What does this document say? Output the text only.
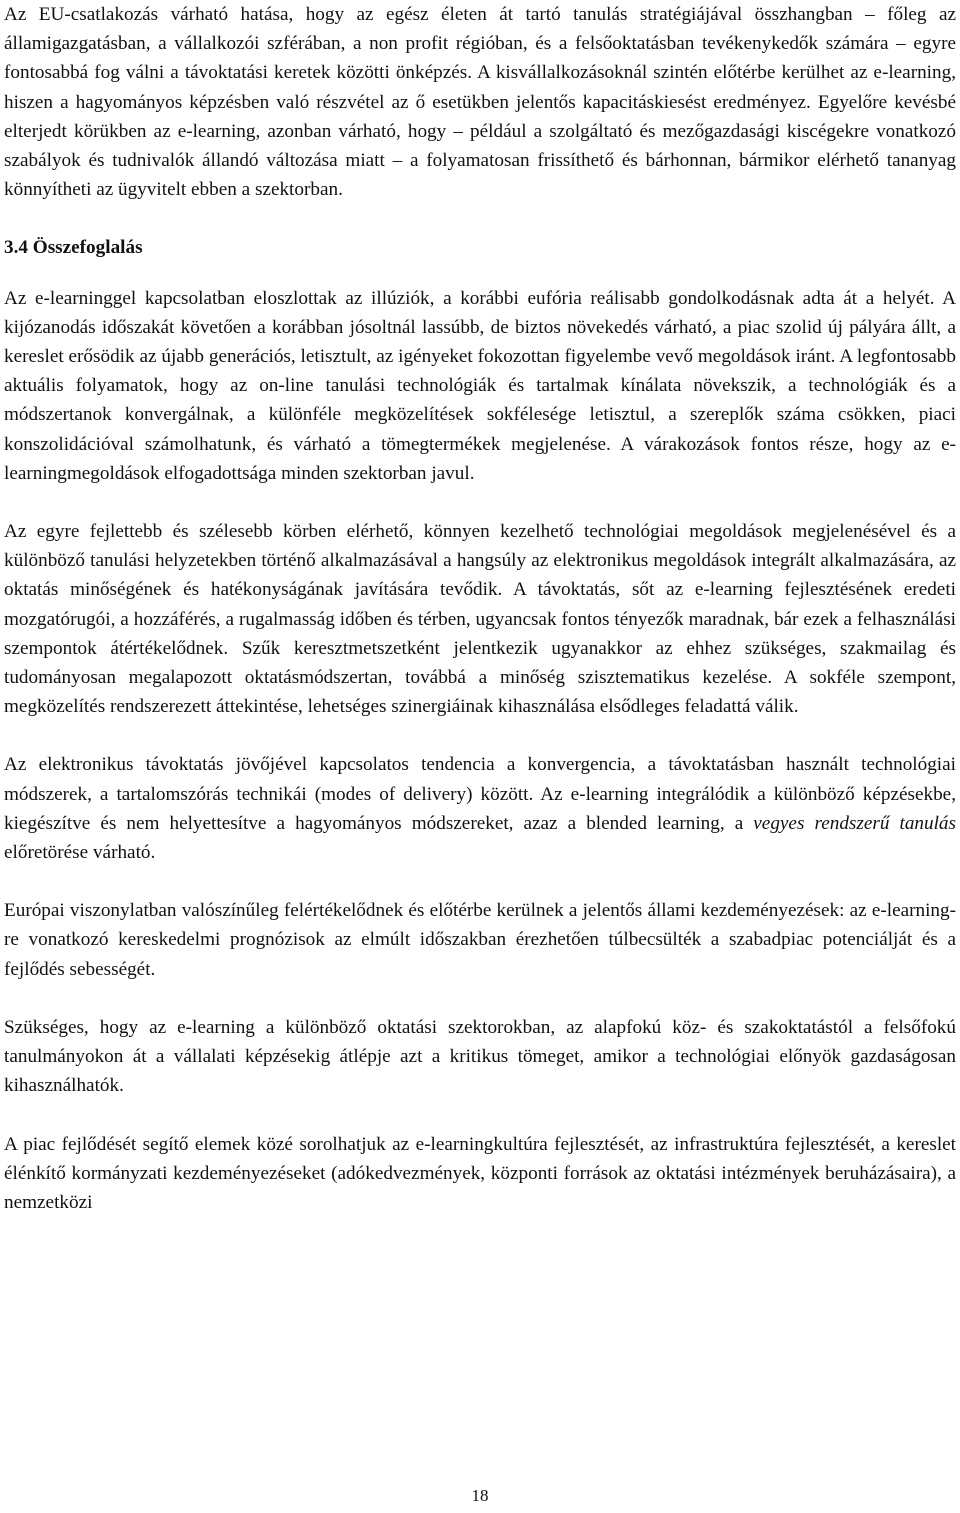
Az EU-csatlakozás várható hatása, hogy az egész életen át tartó tanulás stratégiájával összhangban – főleg az államigazgatásban, a vállalkozói szférában, a non profit régióban, és a felsőoktatásban tevékenykedők számára – egyre fontosabbá fog válni a távoktatási keretek közötti önképzés. A kisvállalkozásoknál szintén előtérbe kerülhet az e-learning, hiszen a hagyományos képzésben való részvétel az ő esetükben jelentős kapacitáskiesést eredményez. Egyelőre kevésbé elterjedt körükben az e-learning, azonban várható, hogy – például a szolgáltató és mezőgazdasági kiscégekre vonatkozó szabályok és tudnivalók állandó változása miatt – a folyamatosan frissíthető és bárhonnan, bármikor elérhető tananyag könnyítheti az ügyvitelt ebben a szektorban.

3.4 Összefoglalás

Az e-learninggel kapcsolatban eloszlottak az illúziók, a korábbi eufória reálisabb gondolkodásnak adta át a helyét. A kijózanodás időszakát követően a korábban jósoltnál lassúbb, de biztos növekedés várható, a piac szolid új pályára állt, a kereslet erősödik az újabb generációs, letisztult, az igényeket fokozottan figyelembe vevő megoldások iránt. A legfontosabb aktuális folyamatok, hogy az on-line tanulási technológiák és tartalmak kínálata növekszik, a technológiák és a módszertanok konvergálnak, a különféle megközelítések sokfélesége letisztul, a szereplők száma csökken, piaci konszolidációval számolhatunk, és várható a tömegtermékek megjelenése. A várakozások fontos része, hogy az e-learningmegoldások elfogadottsága minden szektorban javul.

Az egyre fejlettebb és szélesebb körben elérhető, könnyen kezelhető technológiai megoldások megjelenésével és a különböző tanulási helyzetekben történő alkalmazásával a hangsúly az elektronikus megoldások integrált alkalmazására, az oktatás minőségének és hatékonyságának javítására tevődik. A távoktatás, sőt az e-learning fejlesztésének eredeti mozgatórugói, a hozzáférés, a rugalmasság időben és térben, ugyancsak fontos tényezők maradnak, bár ezek a felhasználási szempontok átértékelődnek. Szűk keresztmetszetként jelentkezik ugyanakkor az ehhez szükséges, szakmailag és tudományosan megalapozott oktatásmódszertan, továbbá a minőség szisztematikus kezelése. A sokféle szempont, megközelítés rendszerezett áttekintése, lehetséges szinergiáinak kihasználása elsődleges feladattá válik.

Az elektronikus távoktatás jövőjével kapcsolatos tendencia a konvergencia, a távoktatásban használt technológiai módszerek, a tartalomszórás technikái (modes of delivery) között. Az e-learning integrálódik a különböző képzésekbe, kiegészítve és nem helyettesítve a hagyományos módszereket, azaz a blended learning, a vegyes rendszerű tanulás előretörése várható.

Európai viszonylatban valószínűleg felértékelődnek és előtérbe kerülnek a jelentős állami kezdeményezések: az e-learning-re vonatkozó kereskedelmi prognózisok az elmúlt időszakban érezhetően túlbecsülték a szabadpiac potenciálját és a fejlődés sebességét.

Szükséges, hogy az e-learning a különböző oktatási szektorokban, az alapfokú köz- és szakoktatástól a felsőfokú tanulmányokon át a vállalati képzésekig átlépje azt a kritikus tömeget, amikor a technológiai előnyök gazdaságosan kihasználhatók.

A piac fejlődését segítő elemek közé sorolhatjuk az e-learningkultúra fejlesztését, az infrastruktúra fejlesztését, a kereslet élénkítő kormányzati kezdeményezéseket (adókedvezmények, központi források az oktatási intézmények beruházásaira), a nemzetközi

18
